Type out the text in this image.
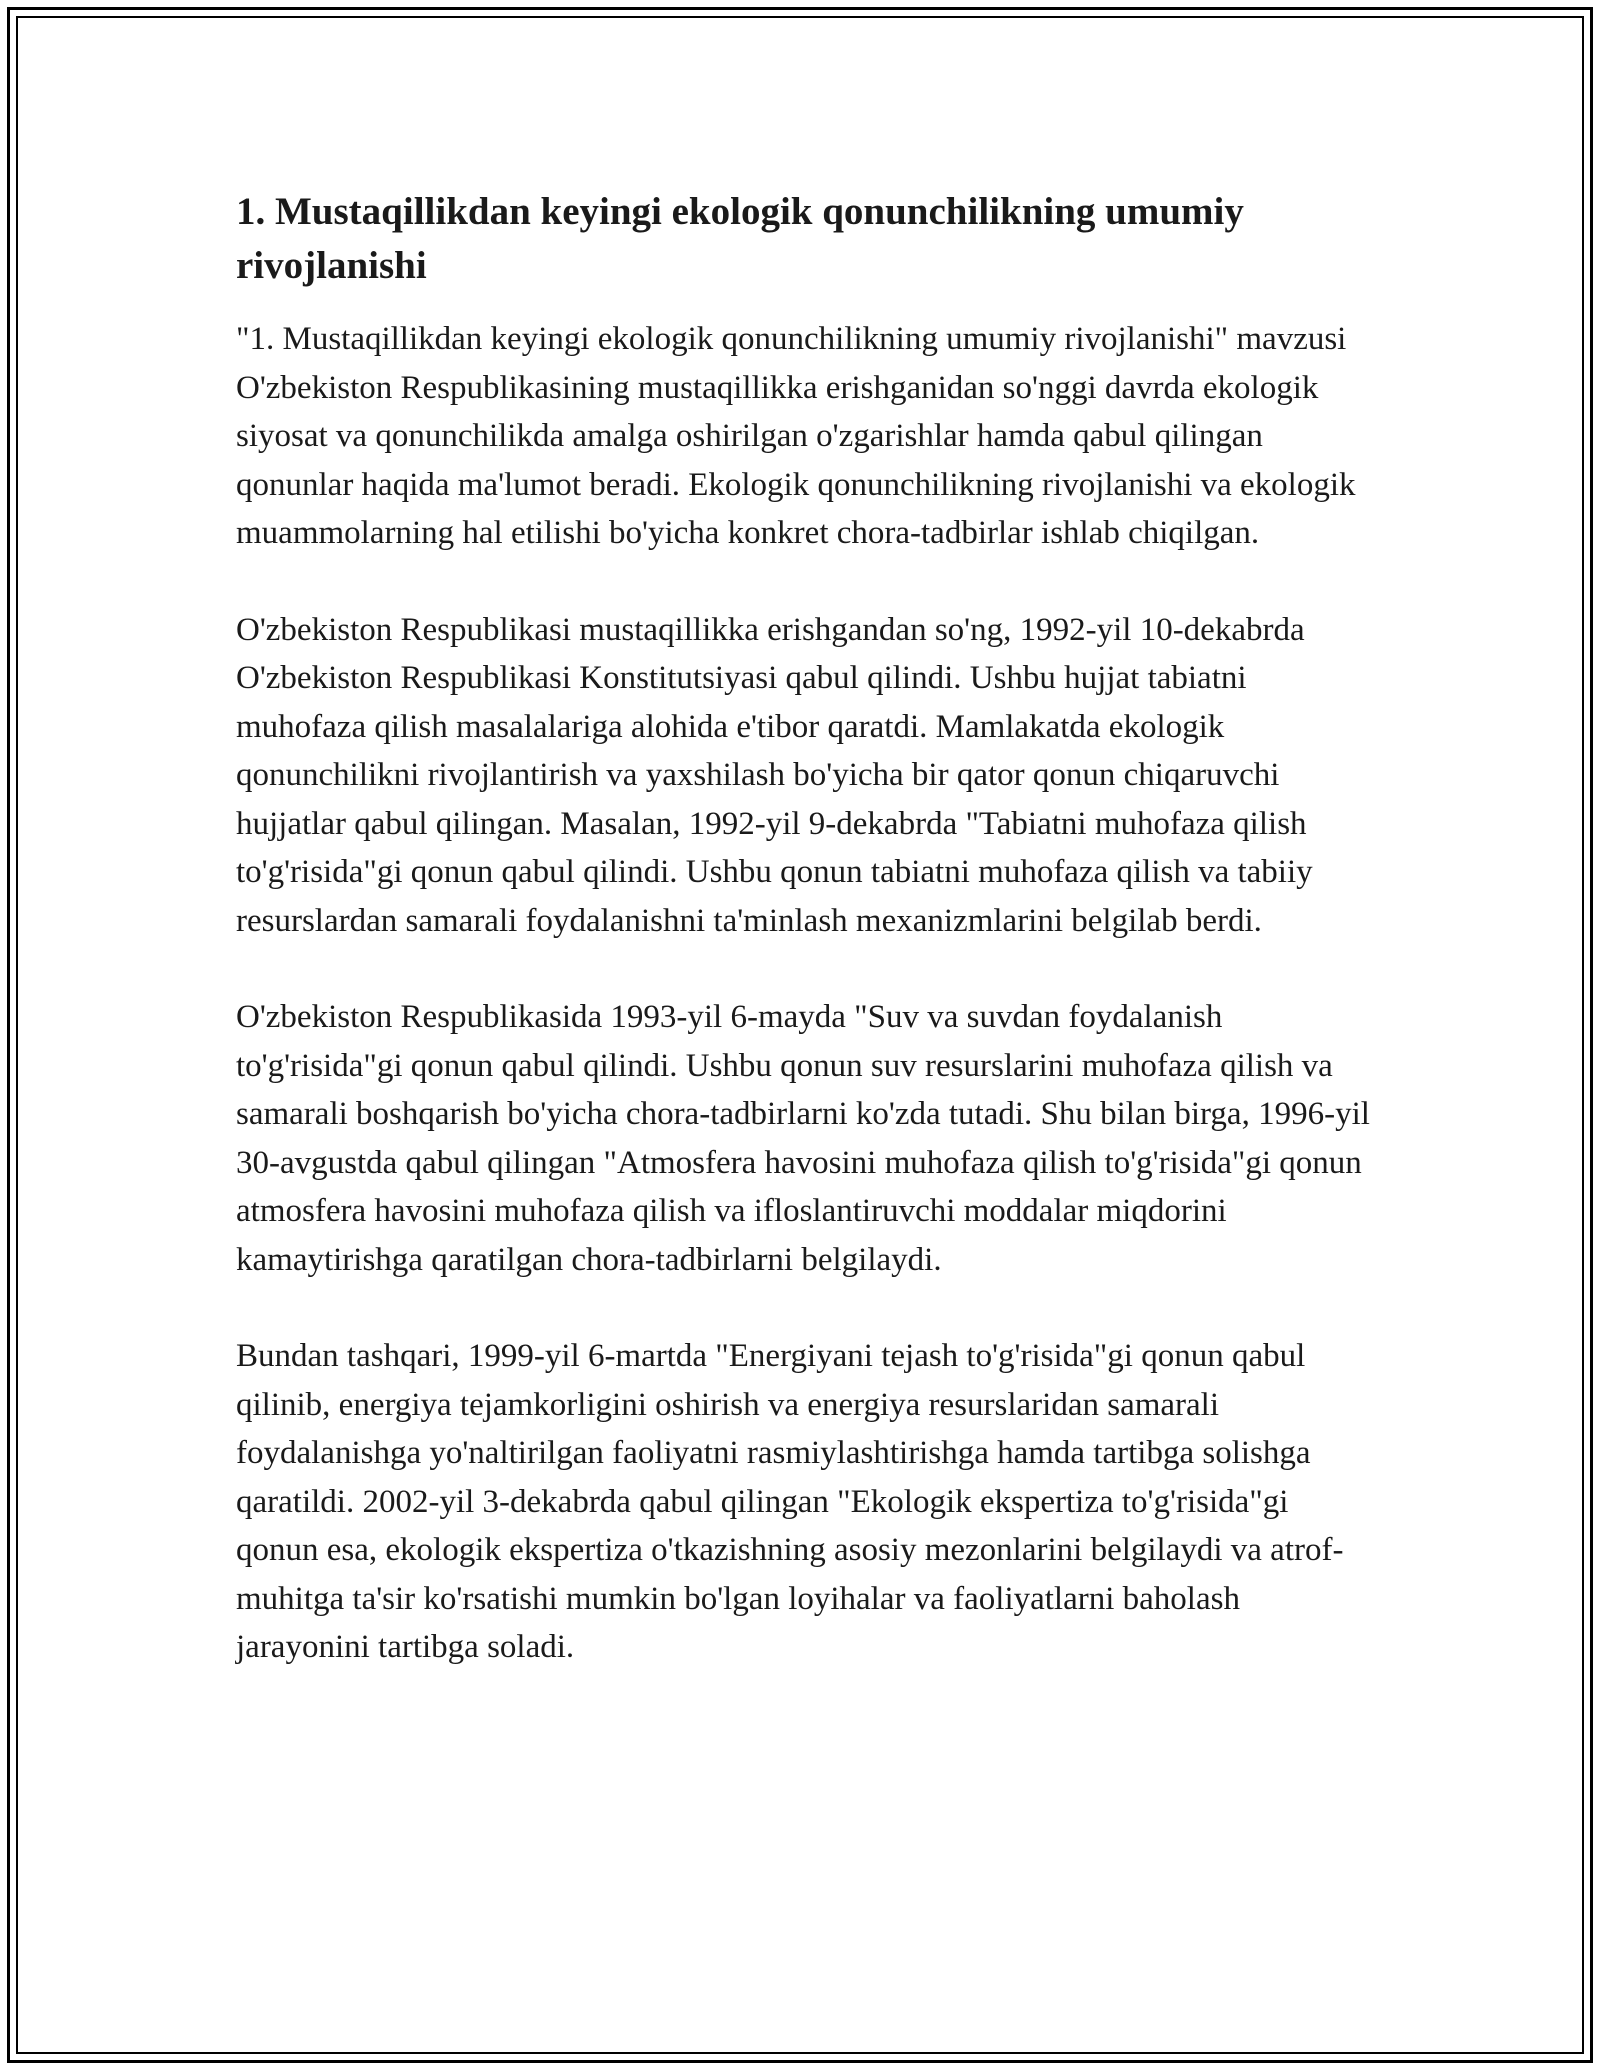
1. Mustaqillikdan keyingi ekologik qonunchilikning umumiy rivojlanishi

"1. Mustaqillikdan keyingi ekologik qonunchilikning umumiy rivojlanishi" mavzusi O'zbekiston Respublikasining mustaqillikka erishganidan so'nggi davrda ekologik siyosat va qonunchilikda amalga oshirilgan o'zgarishlar hamda qabul qilingan qonunlar haqida ma'lumot beradi. Ekologik qonunchilikning rivojlanishi va ekologik muammolarning hal etilishi bo'yicha konkret chora-tadbirlar ishlab chiqilgan.

O'zbekiston Respublikasi mustaqillikka erishgandan so'ng, 1992-yil 10-dekabrda O'zbekiston Respublikasi Konstitutsiyasi qabul qilindi. Ushbu hujjat tabiatni muhofaza qilish masalalariga alohida e'tibor qaratdi. Mamlakatda ekologik qonunchilikni rivojlantirish va yaxshilash bo'yicha bir qator qonun chiqaruvchi hujjatlar qabul qilingan. Masalan, 1992-yil 9-dekabrda "Tabiatni muhofaza qilish to'g'risida"gi qonun qabul qilindi. Ushbu qonun tabiatni muhofaza qilish va tabiiy resurslardan samarali foydalanishni ta'minlash mexanizmlarini belgilab berdi.

O'zbekiston Respublikasida 1993-yil 6-mayda "Suv va suvdan foydalanish to'g'risida"gi qonun qabul qilindi. Ushbu qonun suv resurslarini muhofaza qilish va samarali boshqarish bo'yicha chora-tadbirlarni ko'zda tutadi. Shu bilan birga, 1996-yil 30-avgustda qabul qilingan "Atmosfera havosini muhofaza qilish to'g'risida"gi qonun atmosfera havosini muhofaza qilish va ifloslantiruvchi moddalar miqdorini kamaytirishga qaratilgan chora-tadbirlarni belgilaydi.

Bundan tashqari, 1999-yil 6-martda "Energiyani tejash to'g'risida"gi qonun qabul qilinib, energiya tejamkorligini oshirish va energiya resurslaridan samarali foydalanishga yo'naltirilgan faoliyatni rasmiylashtirishga hamda tartibga solishga qaratildi. 2002-yil 3-dekabrda qabul qilingan "Ekologik ekspertiza to'g'risida"gi qonun esa, ekologik ekspertiza o'tkazishning asosiy mezonlarini belgilaydi va atrof-muhitga ta'sir ko'rsatishi mumkin bo'lgan loyihalar va faoliyatlarni baholash jarayonini tartibga soladi.
